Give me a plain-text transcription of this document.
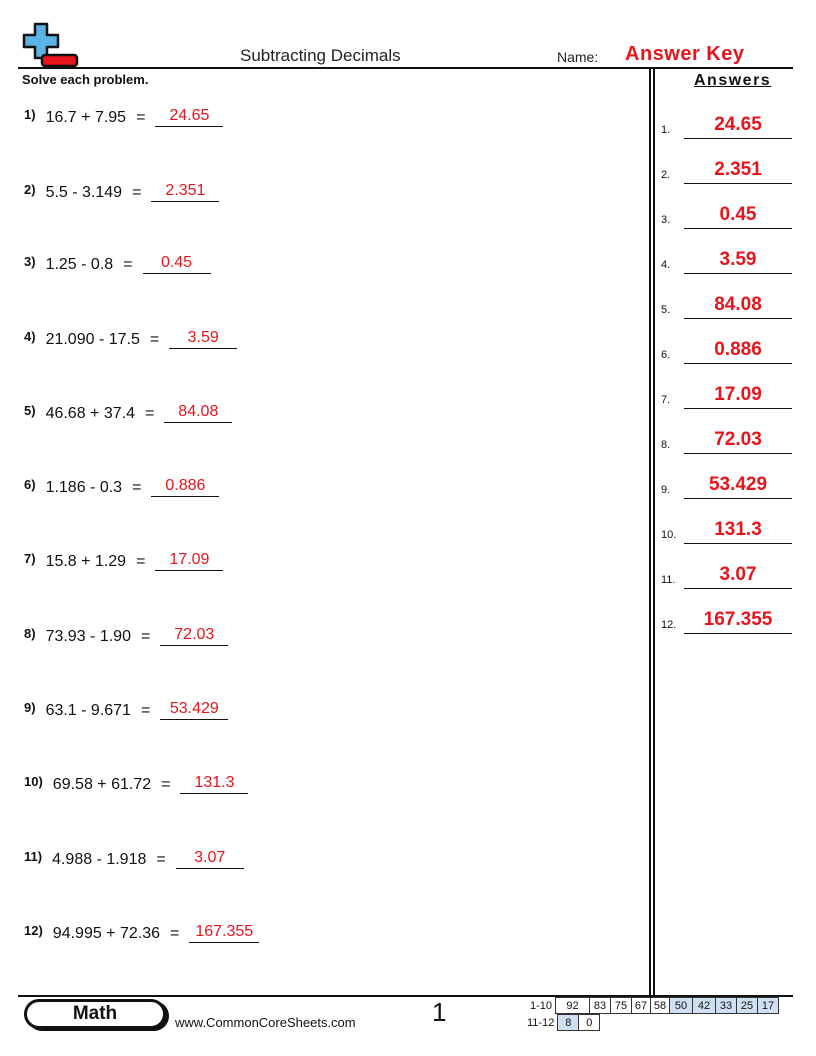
Subtracting Decimals	Name: Answer Key
Solve each problem.	Answers
1) 16.7 + 7.95 =	24.65
2) 5.5 - 3.149 =	2.351
3) 1.25 - 0.8 =	0.45
4) 21.090 - 17.5 =	3.59
5) 46.68 + 37.4 =	84.08
6) 1.186 - 0.3 =	0.886
7) 15.8 + 1.29 =	17.09
8) 73.93 - 1.90 =	72.03
9) 63.1 - 9.671 =	53.429
10) 69.58 + 61.72 =	131.3
11) 4.988 - 1.918 =	3.07
12) 94.995 + 72.36 =	167.355
1.	24.65
2.	2.351
3.	0.45
4.	3.59
5.	84.08
6.	0.886
7.	17.09
8.	72.03
9.	53.429
10.	131.3
11.	3.07
12.	167.355
Math	www.CommonCoreSheets.com	1	1-10	92	83	75	67	58	50	42	33	25	17
11-12	8	0
